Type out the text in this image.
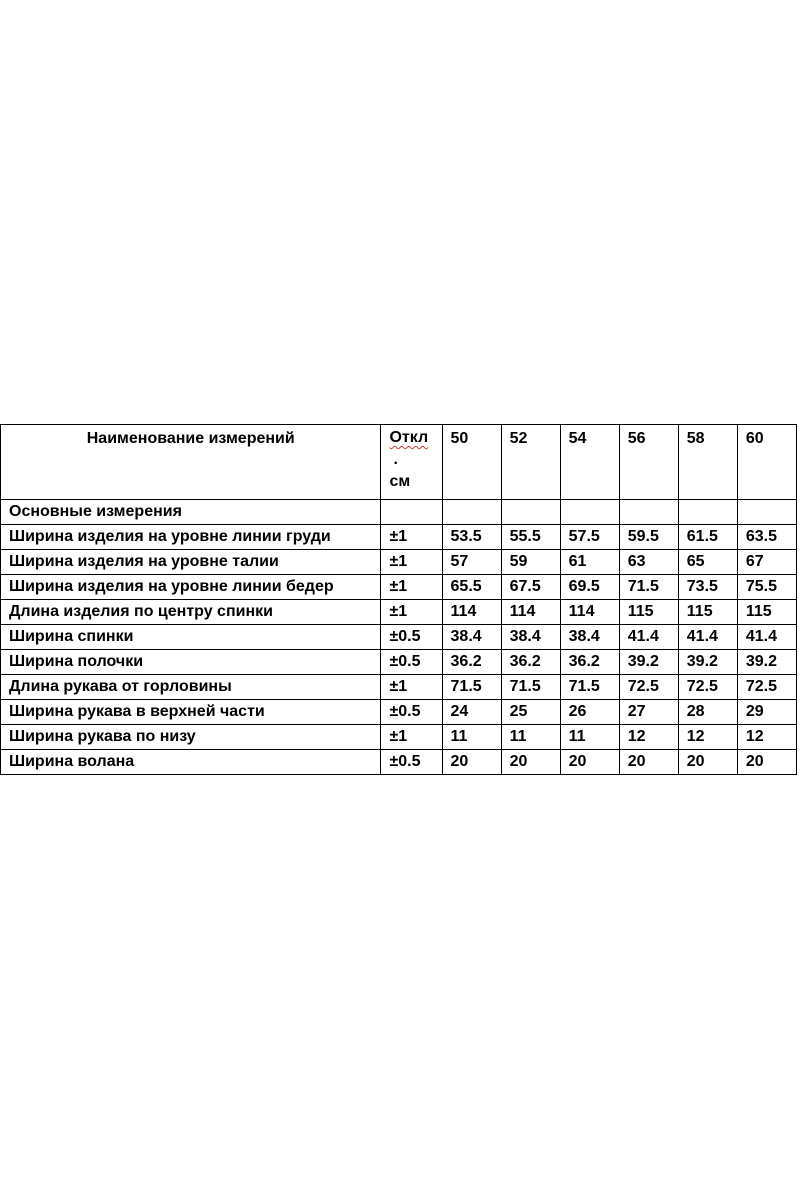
Наименование измерений	Откл
.
см	50	52	54	56	58	60
Основные измерения							
Ширина изделия на уровне линии груди	±1	53.5	55.5	57.5	59.5	61.5	63.5
Ширина изделия на уровне талии	±1	57	59	61	63	65	67
Ширина изделия на уровне линии бедер	±1	65.5	67.5	69.5	71.5	73.5	75.5
Длина изделия по центру спинки	±1	114	114	114	115	115	115
Ширина спинки	±0.5	38.4	38.4	38.4	41.4	41.4	41.4
Ширина полочки	±0.5	36.2	36.2	36.2	39.2	39.2	39.2
Длина рукава от горловины	±1	71.5	71.5	71.5	72.5	72.5	72.5
Ширина рукава в верхней части	±0.5	24	25	26	27	28	29
Ширина рукава по низу	±1	11	11	11	12	12	12
Ширина волана	±0.5	20	20	20	20	20	20
